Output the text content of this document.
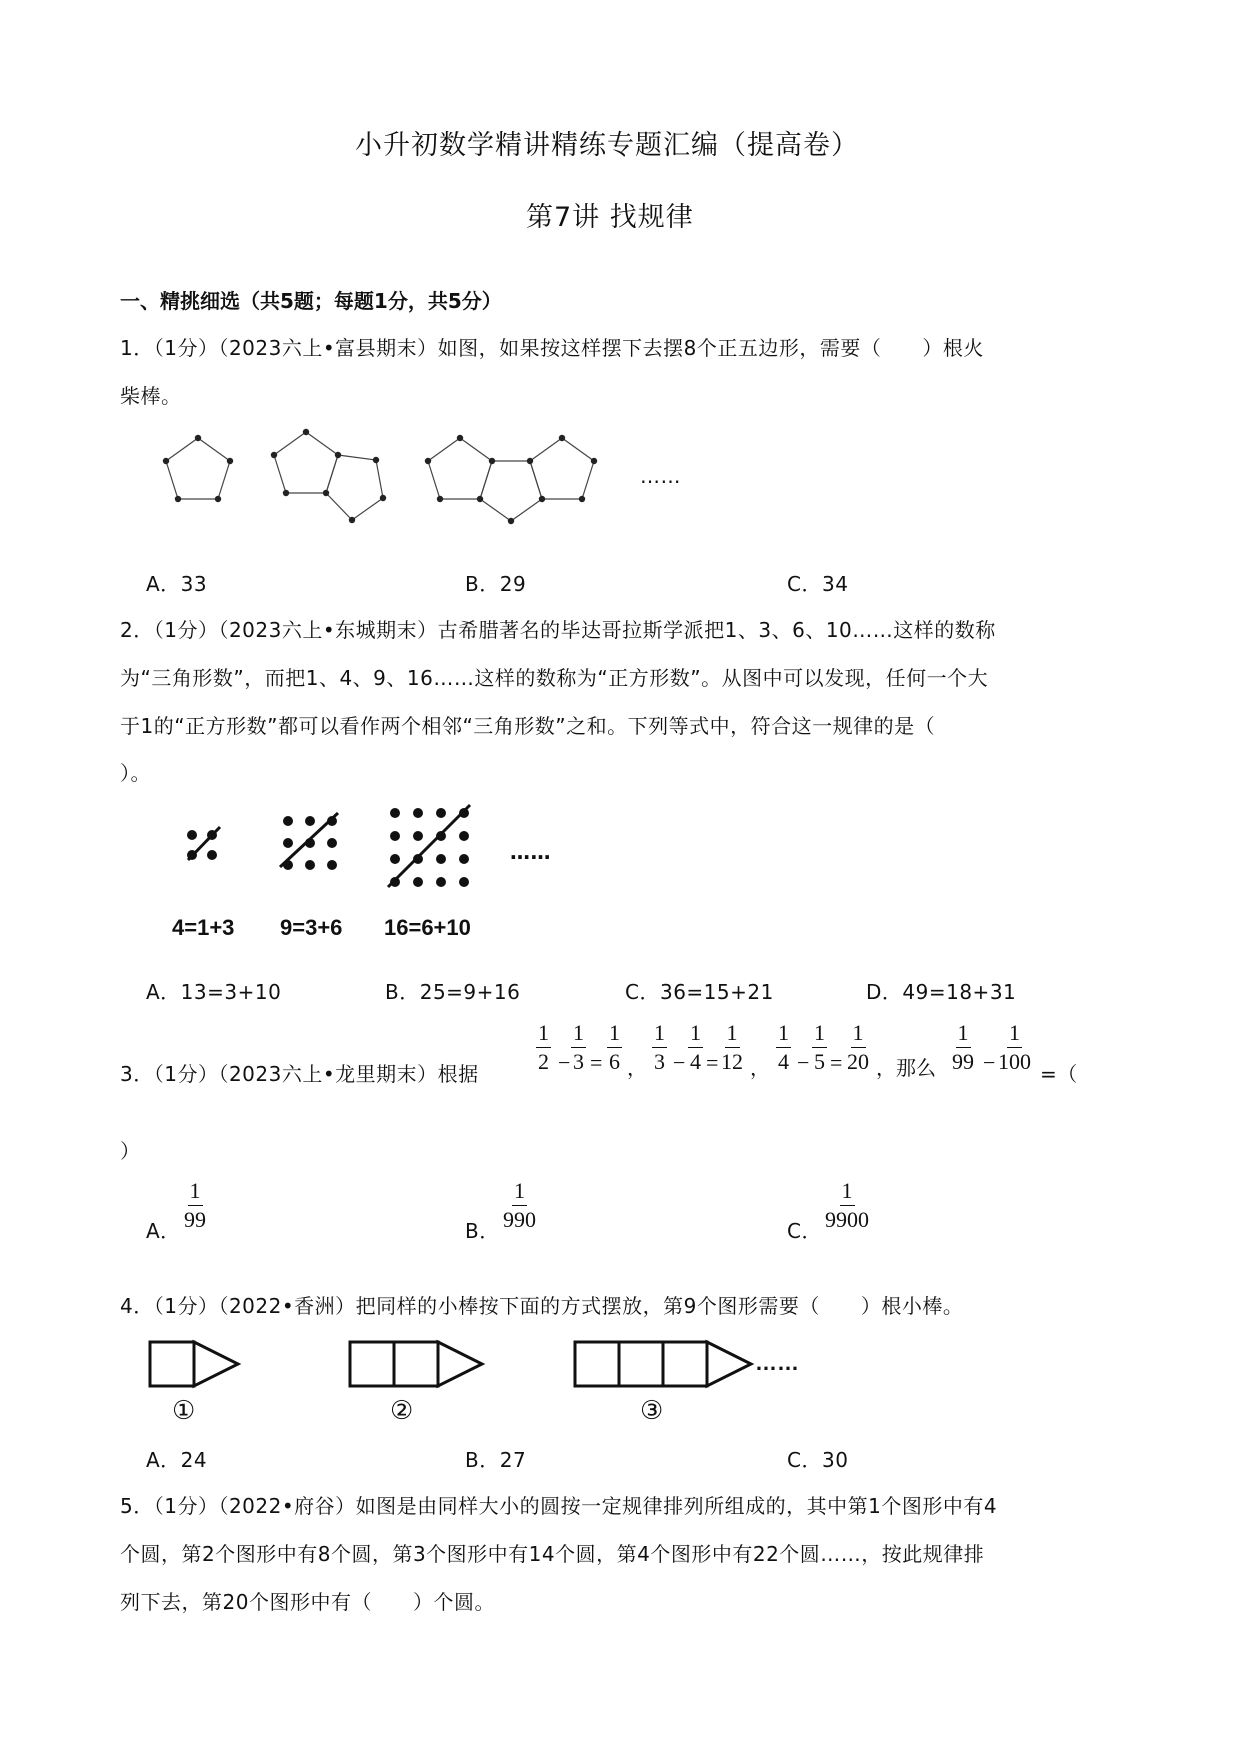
小升初数学精讲精练专题汇编（提高卷）
第7讲 找规律
一、精挑细选（共5题；每题1分，共5分）
1．（1分）（2023六上•富县期末）如图，如果按这样摆下去摆8个正五边形，需要（　　）根火
柴棒。
……
A．33	B．29	C．34
2．（1分）（2023六上•东城期末）古希腊著名的毕达哥拉斯学派把1、3、6、10……这样的数称
为“三角形数”，而把1、4、9、16……这样的数称为“正方形数”。从图中可以发现，任何一个大
于1的“正方形数”都可以看作两个相邻“三角形数”之和。下列等式中，符合这一规律的是（
）。
……
4=1+3 9=3+6 16=6+10
A．13=3+10	B．25=9+16	C．36=15+21	D．49=18+31
3．（1分）（2023六上•龙里期末）根据
$\frac{1}{2} - \frac{1}{3} = \frac{1}{6}$ ， $\frac{1}{3} - \frac{1}{4} = \frac{1}{12}$ ， $\frac{1}{4} - \frac{1}{5} = \frac{1}{20}$ ，那么 $\frac{1}{99} - \frac{1}{100}$
=（
）
A． $\frac{1}{99}$	B． $\frac{1}{990}$	C． $\frac{1}{9900}$
4．（1分）（2022•香洲）把同样的小棒按下面的方式摆放，第9个图形需要（　　）根小棒。
……
①	②	③
A．24	B．27	C．30
5．（1分）（2022•府谷）如图是由同样大小的圆按一定规律排列所组成的，其中第1个图形中有4
个圆，第2个图形中有8个圆，第3个图形中有14个圆，第4个图形中有22个圆……，按此规律排
列下去，第20个图形中有（　　）个圆。
